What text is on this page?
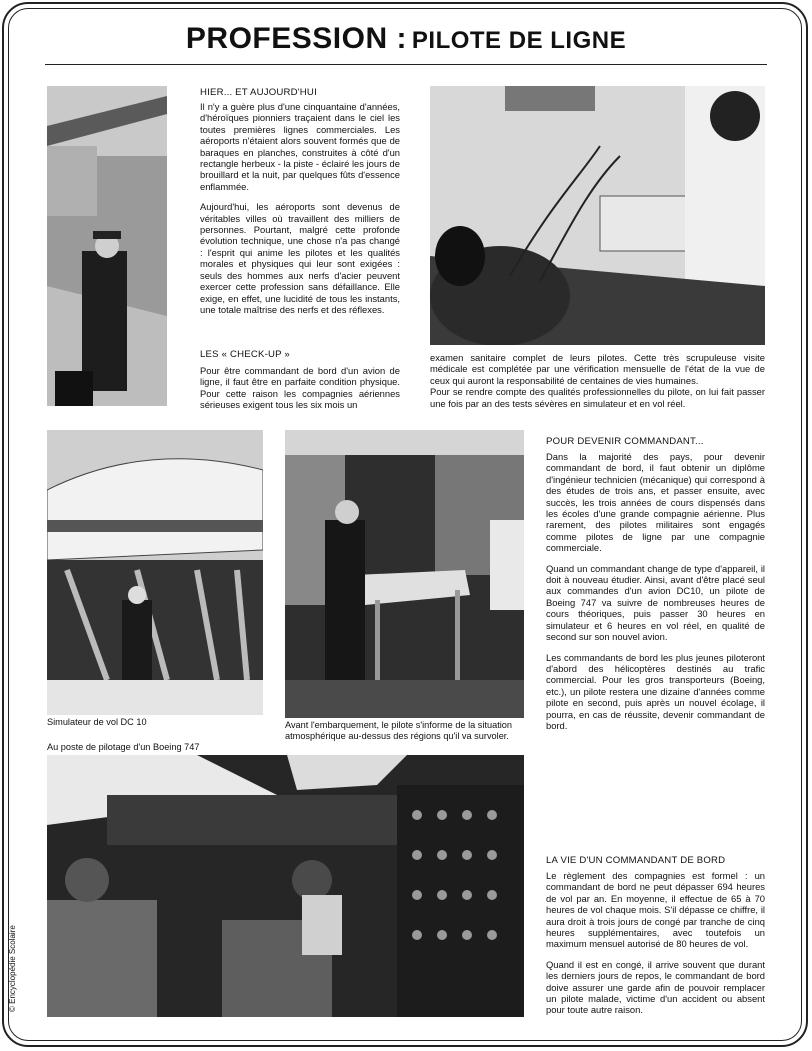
PROFESSION : PILOTE DE LIGNE
HIER... ET AUJOURD'HUI

Il n'y a guère plus d'une cinquantaine d'années, d'héroïques pionniers traçaient dans le ciel les toutes premières lignes commerciales. Les aéroports n'étaient alors souvent formés que de baraques en planches, construites à côté d'un rectangle herbeux - la piste - éclairé les jours de brouillard et la nuit, par quelques fûts d'essence enflammée.

Aujourd'hui, les aéroports sont devenus de véritables villes où travaillent des milliers de personnes. Pourtant, malgré cette profonde évolution technique, une chose n'a pas changé : l'esprit qui anime les pilotes et les qualités morales et physiques qui leur sont exigées : seuls des hommes aux nerfs d'acier peuvent exercer cette profession sans défaillance. Elle exige, en effet, une lucidité de tous les instants, une totale maîtrise des nerfs et des réflexes.

LES « CHECK-UP »

Pour être commandant de bord d'un avion de ligne, il faut être en parfaite condition physique. Pour cette raison les compagnies aériennes sérieuses exigent tous les six mois un

examen sanitaire complet de leurs pilotes. Cette très scrupuleuse visite médicale est complétée par une vérification mensuelle de l'état de la vue de ceux qui auront la responsabilité de centaines de vies humaines.

Pour se rendre compte des qualités professionnelles du pilote, on lui fait passer une fois par an des tests sévères en simulateur et en vol réel.

Simulateur de vol DC 10	Avant l'embarquement, le pilote s'informe de la situation atmosphérique au-dessus des régions qu'il va survoler.
POUR DEVENIR COMMANDANT...

Dans la majorité des pays, pour devenir commandant de bord, il faut obtenir un diplôme d'ingénieur technicien (mécanique) qui correspond à des études de trois ans, et passer ensuite, avec succès, les trois années de cours dispensés dans les écoles d'une grande compagnie aérienne. Plus rarement, des pilotes militaires sont engagés comme pilotes de ligne par une compagnie commerciale.

Quand un commandant change de type d'appareil, il doit à nouveau étudier. Ainsi, avant d'être placé seul aux commandes d'un avion DC10, un pilote de Boeing 747 va suivre de nombreuses heures de cours théoriques, puis passer 30 heures en simulateur et 6 heures en vol réel, en qualité de second sur son nouvel avion.

Les commandants de bord les plus jeunes piloteront d'abord des hélicoptères destinés au trafic commercial. Pour les gros transporteurs (Boeing, etc.), un pilote restera une dizaine d'années comme pilote en second, puis après un nouvel écolage, il pourra, en cas de réussite, devenir commandant de bord.

Au poste de pilotage d'un Boeing 747
LA VIE D'UN COMMANDANT DE BORD

Le règlement des compagnies est formel : un commandant de bord ne peut dépasser 694 heures de vol par an. En moyenne, il effectue de 65 à 70 heures de vol chaque mois. S'il dépasse ce chiffre, il aura droit à trois jours de congé par tranche de cinq heures supplémentaires, avec toutefois un maximum mensuel autorisé de 80 heures de vol.

Quand il est en congé, il arrive souvent que durant les derniers jours de repos, le commandant de bord doive assurer une garde afin de pouvoir remplacer un pilote malade, victime d'un accident ou absent pour toute autre raison.

© Encyclopédie Scolaire
